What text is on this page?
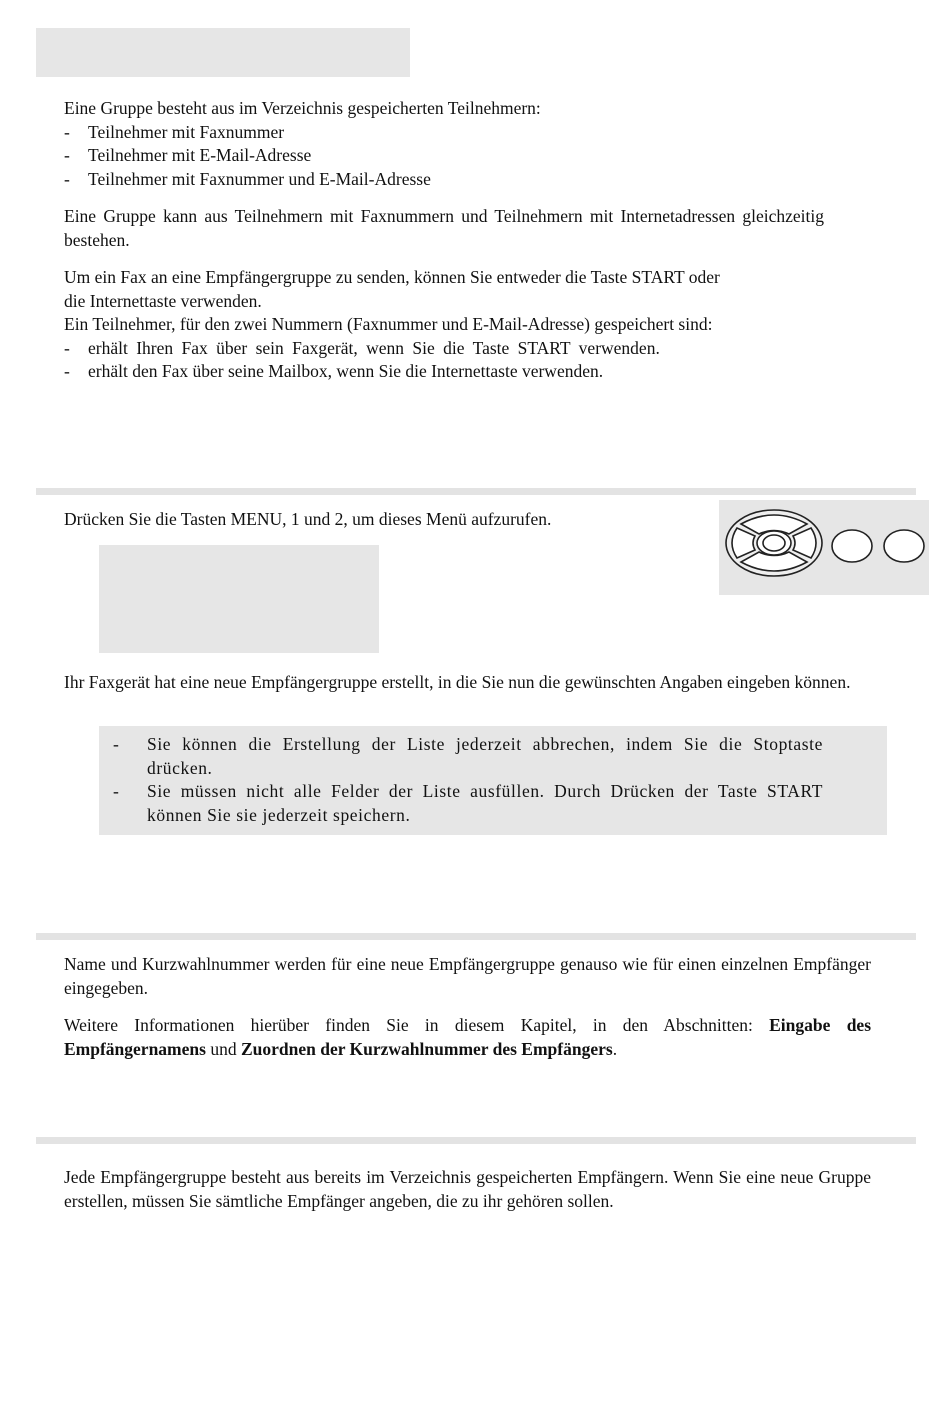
Eine Gruppe besteht aus im Verzeichnis gespeicherten Teilnehmern:

- Teilnehmer mit Faxnummer
- Teilnehmer mit E-Mail-Adresse
- Teilnehmer mit Faxnummer und E-Mail-Adresse

Eine Gruppe kann aus Teilnehmern mit Faxnummern und Teilnehmern mit Internetadressen gleichzeitig bestehen.

Um ein Fax an eine Empfängergruppe zu senden, können Sie entweder die Taste START oder
die Internettaste verwenden.

Ein Teilnehmer, für den zwei Nummern (Faxnummer und E-Mail-Adresse) gespeichert sind:

- erhält Ihren Fax über sein Faxgerät, wenn Sie die Taste START verwenden.
- erhält den Fax über seine Mailbox, wenn Sie die Internettaste verwenden.

Drücken Sie die Tasten MENU, 1 und 2, um dieses Menü aufzurufen.

Ihr Faxgerät hat eine neue Empfängergruppe erstellt, in die Sie nun die gewünschten Angaben eingeben können.

- Sie können die Erstellung der Liste jederzeit abbrechen, indem Sie die Stoptaste drücken.
- Sie müssen nicht alle Felder der Liste ausfüllen. Durch Drücken der Taste START können Sie sie jederzeit speichern.

Name und Kurzwahlnummer werden für eine neue Empfängergruppe genauso wie für einen einzelnen Empfänger eingegeben.

Weitere Informationen hierüber finden Sie in diesem Kapitel, in den Abschnitten: Eingabe des Empfängernamens und Zuordnen der Kurzwahlnummer des Empfängers.

Jede Empfängergruppe besteht aus bereits im Verzeichnis gespeicherten Empfängern. Wenn Sie eine neue Gruppe erstellen, müssen Sie sämtliche Empfänger angeben, die zu ihr gehören sollen.
